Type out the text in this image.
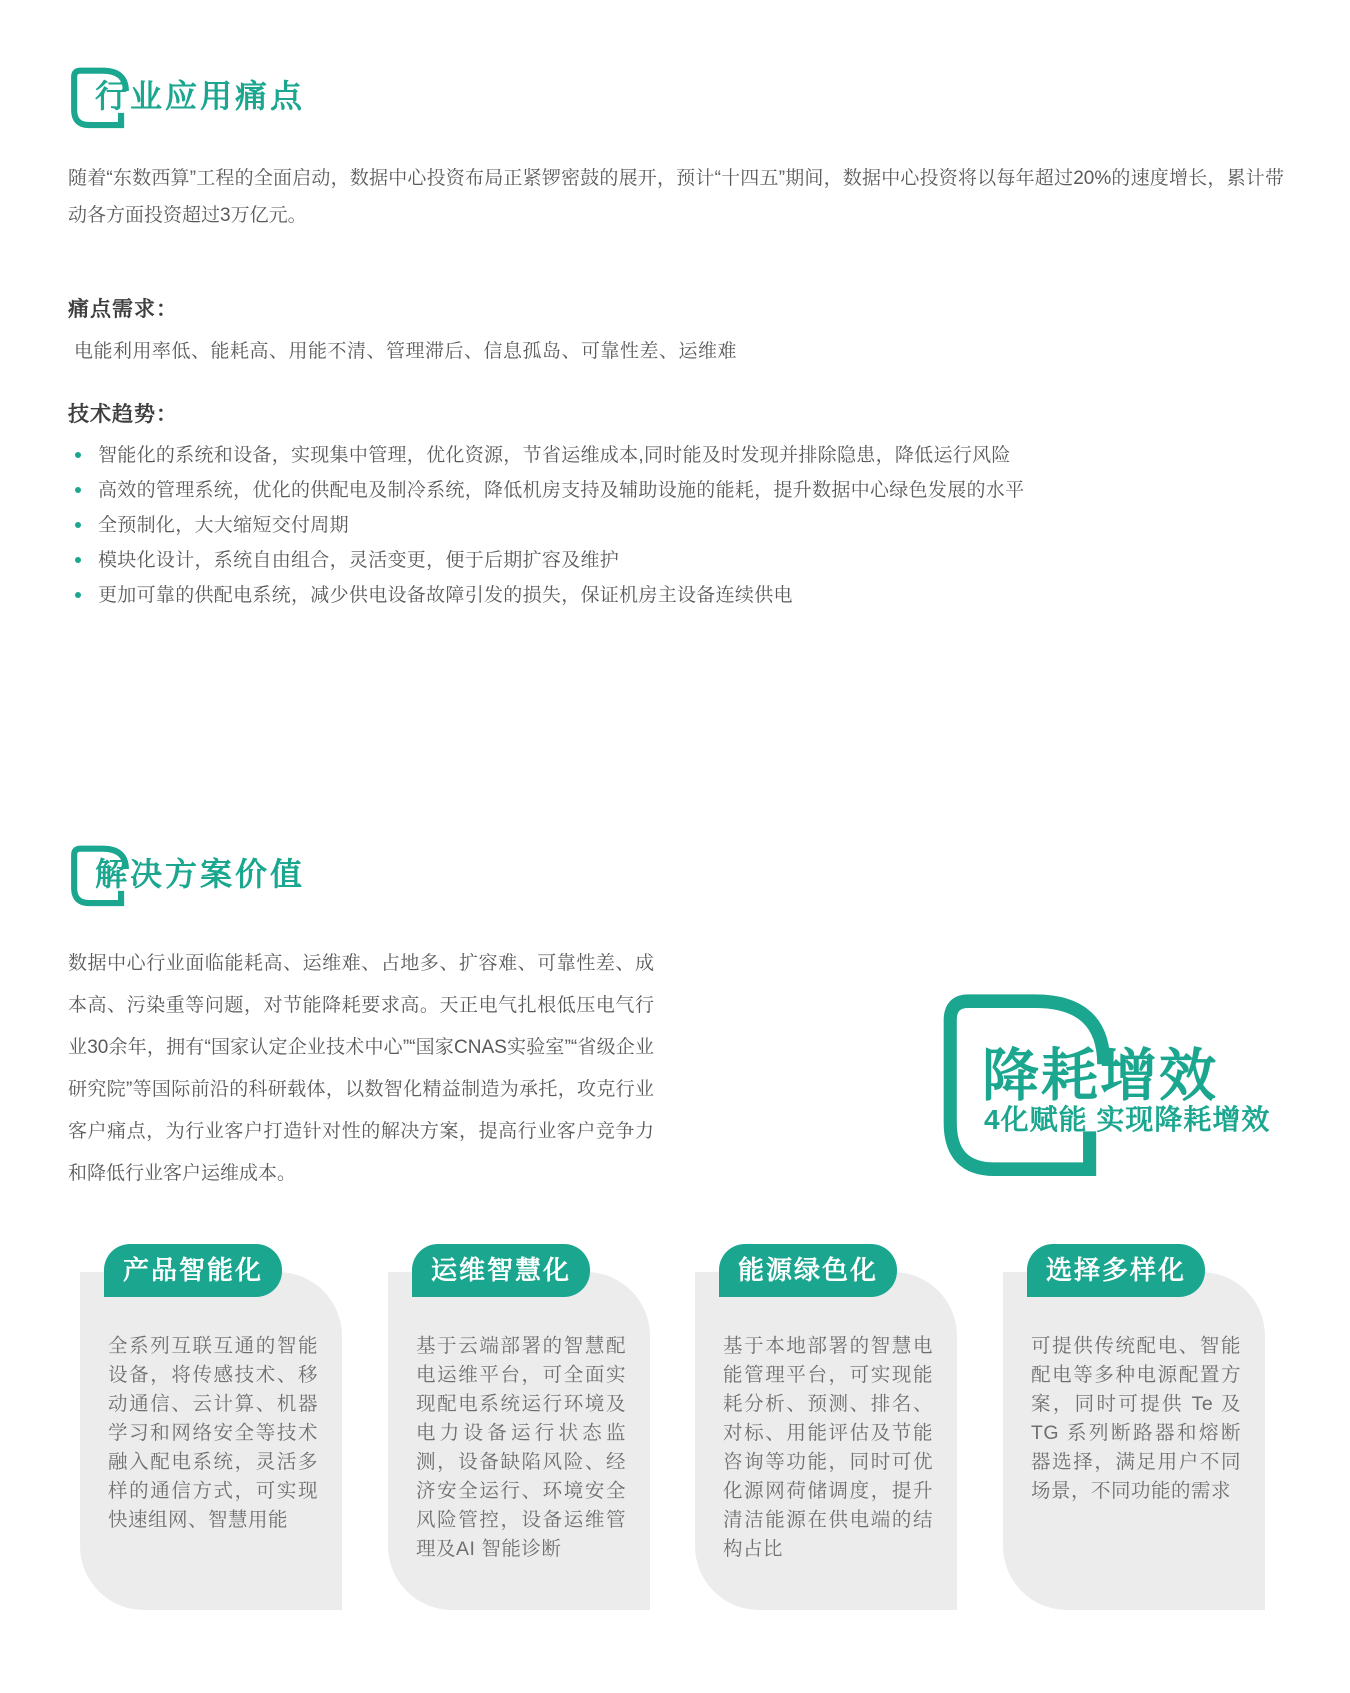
行业应用痛点

随着“东数西算”工程的全面启动，数据中心投资布局正紧锣密鼓的展开，预计“十四五”期间，数据中心投资将以每年超过20%的速度增长，累计带动各方面投资超过3万亿元。

痛点需求：

电能利用率低、能耗高、用能不清、管理滞后、信息孤岛、可靠性差、运维难

技术趋势：
智能化的系统和设备，实现集中管理，优化资源，节省运维成本,同时能及时发现并排除隐患，降低运行风险
高效的管理系统，优化的供配电及制冷系统，降低机房支持及辅助设施的能耗，提升数据中心绿色发展的水平
全预制化，大大缩短交付周期
模块化设计，系统自由组合，灵活变更，便于后期扩容及维护
更加可靠的供配电系统，减少供电设备故障引发的损失，保证机房主设备连续供电
解决方案价值

数据中心行业面临能耗高、运维难、占地多、扩容难、可靠性差、成本高、污染重等问题，对节能降耗要求高。天正电气扎根低压电气行业30余年，拥有“国家认定企业技术中心”“国家CNAS实验室”“省级企业研究院”等国际前沿的科研载体，以数智化精益制造为承托，攻克行业客户痛点，为行业客户打造针对性的解决方案，提高行业客户竞争力和降低行业客户运维成本。

降耗增效

4化赋能 实现降耗增效

全系列互联互通的智能设备，将传感技术、移动通信、云计算、机器学习和网络安全等技术融入配电系统，灵活多样的通信方式，可实现快速组网、智慧用能

产品智能化

基于云端部署的智慧配电运维平台，可全面实现配电系统运行环境及电力设备运行状态监测，设备缺陷风险、经济安全运行、环境安全风险管控，设备运维管理及AI 智能诊断

运维智慧化

基于本地部署的智慧电能管理平台，可实现能耗分析、预测、排名、对标、用能评估及节能咨询等功能，同时可优化源网荷储调度，提升清洁能源在供电端的结构占比

能源绿色化

可提供传统配电、智能配电等多种电源配置方案，同时可提供 Te 及 TG 系列断路器和熔断器选择，满足用户不同场景，不同功能的需求

选择多样化
